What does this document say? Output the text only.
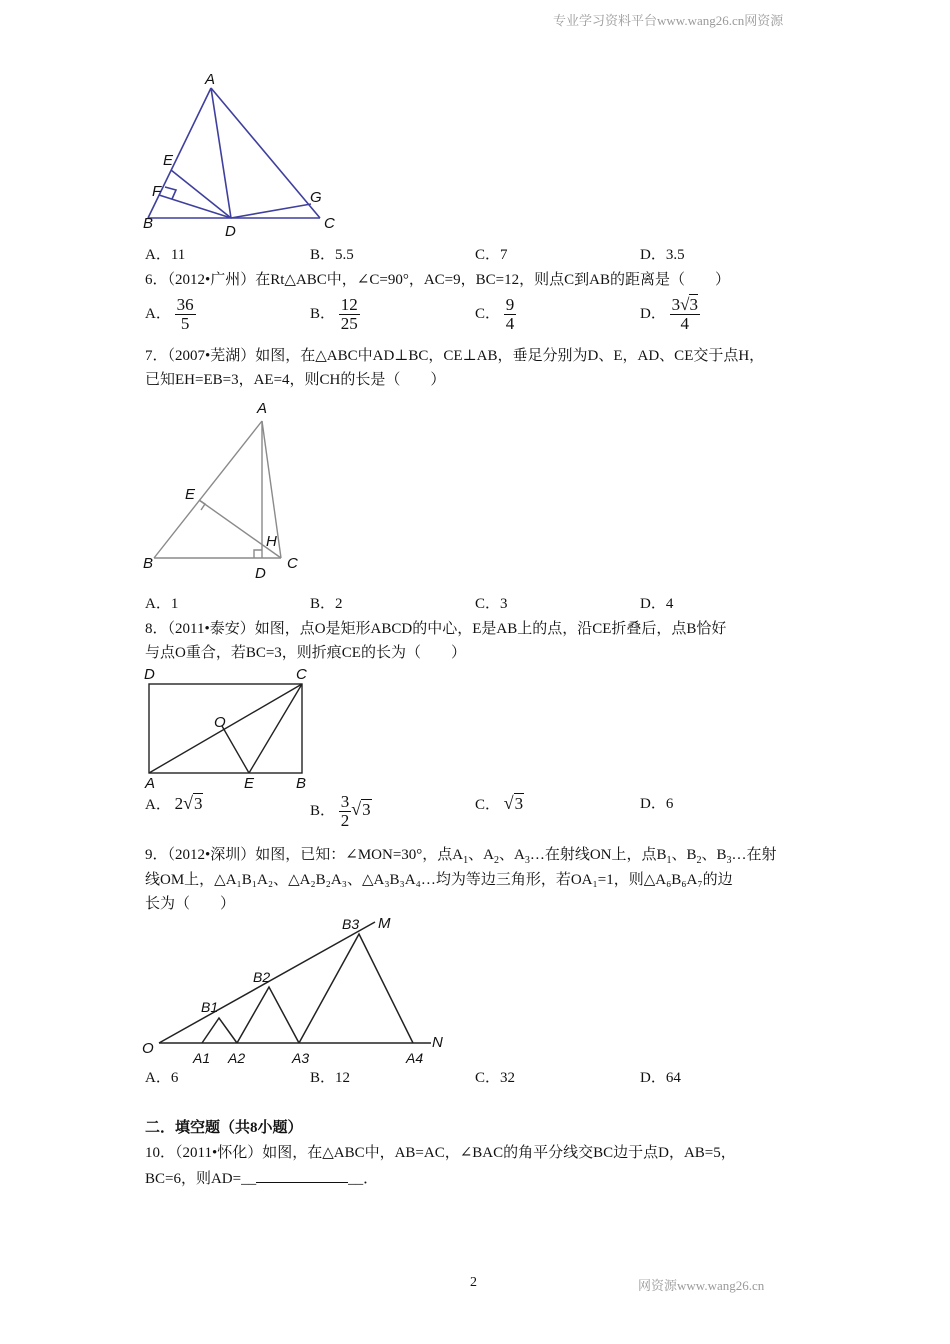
专业学习资料平台www.wang26.cn网资源
A
E
F
B	D
G
C
A．11	B．5.5	C．7	D．3.5
6．（2012•广州）在Rt△ABC中，∠C=90°，AC=9，BC=12，则点C到AB的距离是（　　）
A． $\frac{36}{5}$	B． $\frac{12}{25}$	C． $\frac{9}{4}$	D． $\frac{3√3}{4}$
7．（2007•芜湖）如图，在△ABC中AD⊥BC，CE⊥AB，垂足分别为D、E，AD、CE交于点H，
已知EH=EB=3，AE=4，则CH的长是（　　）
A
E
H
B
D
C
A．1	B．2	C．3	D．4
8．（2011•泰安）如图，点O是矩形ABCD的中心，E是AB上的点，沿CE折叠后，点B恰好
与点O重合，若BC=3，则折痕CE的长为（　　）
D	C
O
A	E	B
A． 2√3	B． $\frac{3}{2} √3$	C． √3	D．6
9．（2012•深圳）如图，已知：∠MON=30°，点$A_1$、$A_2$、$A_3\dots$在射线ON上，点$B_1$、$B_2$、$B_3\dots$在射
线OM上，△A₁B₁A₂、△A₂B₂A₃、△A₃B₃A₄…均为等边三角形，若OA₁=1，则△A₆B₆A₇的边
长为（　　）
O	N
M
A1 A2	A3	A4
B1
B2
B3
A．6	B．12	C．32	D．64
二．填空题（共8小题）
10．（2011•怀化）如图，在△ABC中，AB=AC，∠BAC的角平分线交BC边于点D，AB=5，
BC=6，则AD=__	__．
2	网资源www.wang26.cn
